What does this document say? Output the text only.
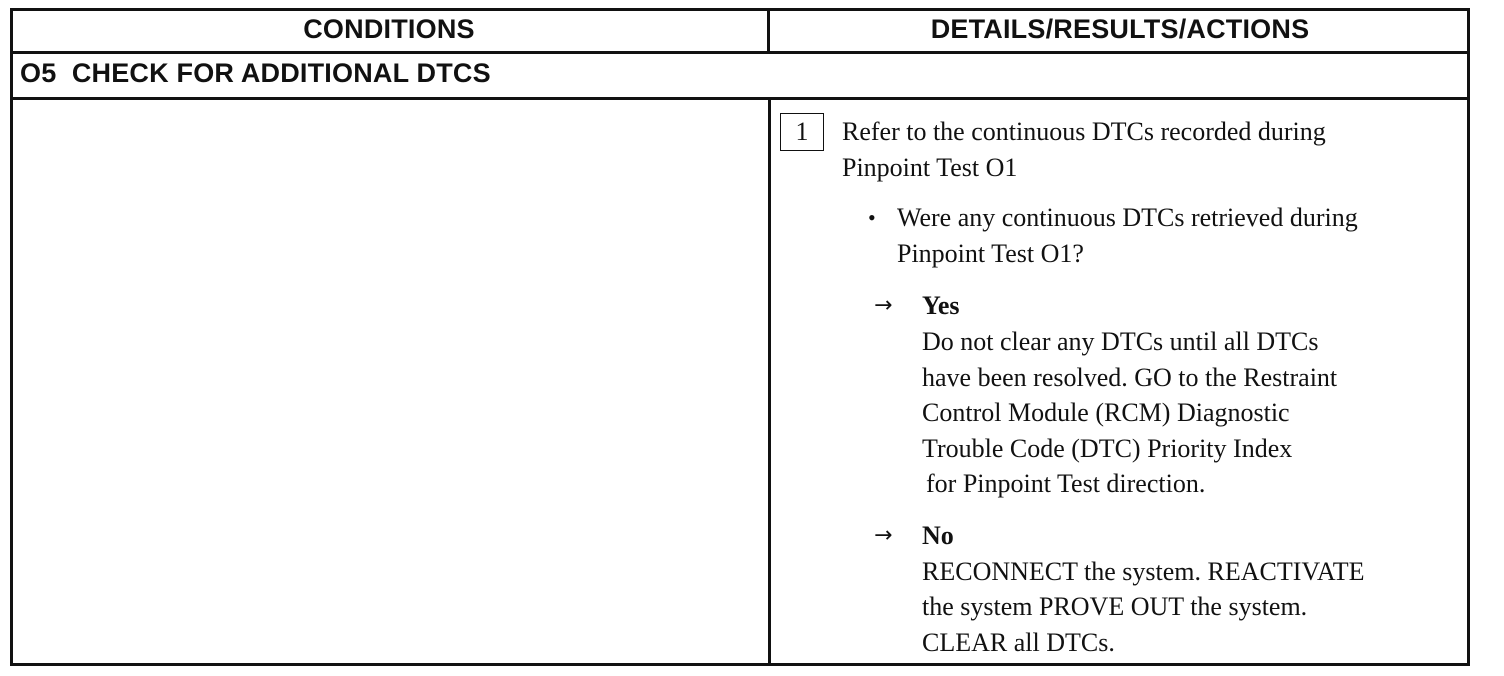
CONDITIONS	DETAILS/RESULTS/ACTIONS
O5  CHECK FOR ADDITIONAL DTCS
1	Refer to the continuous DTCs recorded during
Pinpoint Test O1
• Were any continuous DTCs retrieved during
Pinpoint Test O1?
→ Yes
Do not clear any DTCs until all DTCs
have been resolved. GO to the Restraint
Control Module (RCM) Diagnostic
Trouble Code (DTC) Priority Index
for Pinpoint Test direction.
→ No
RECONNECT the system. REACTIVATE
the system PROVE OUT the system.
CLEAR all DTCs.
